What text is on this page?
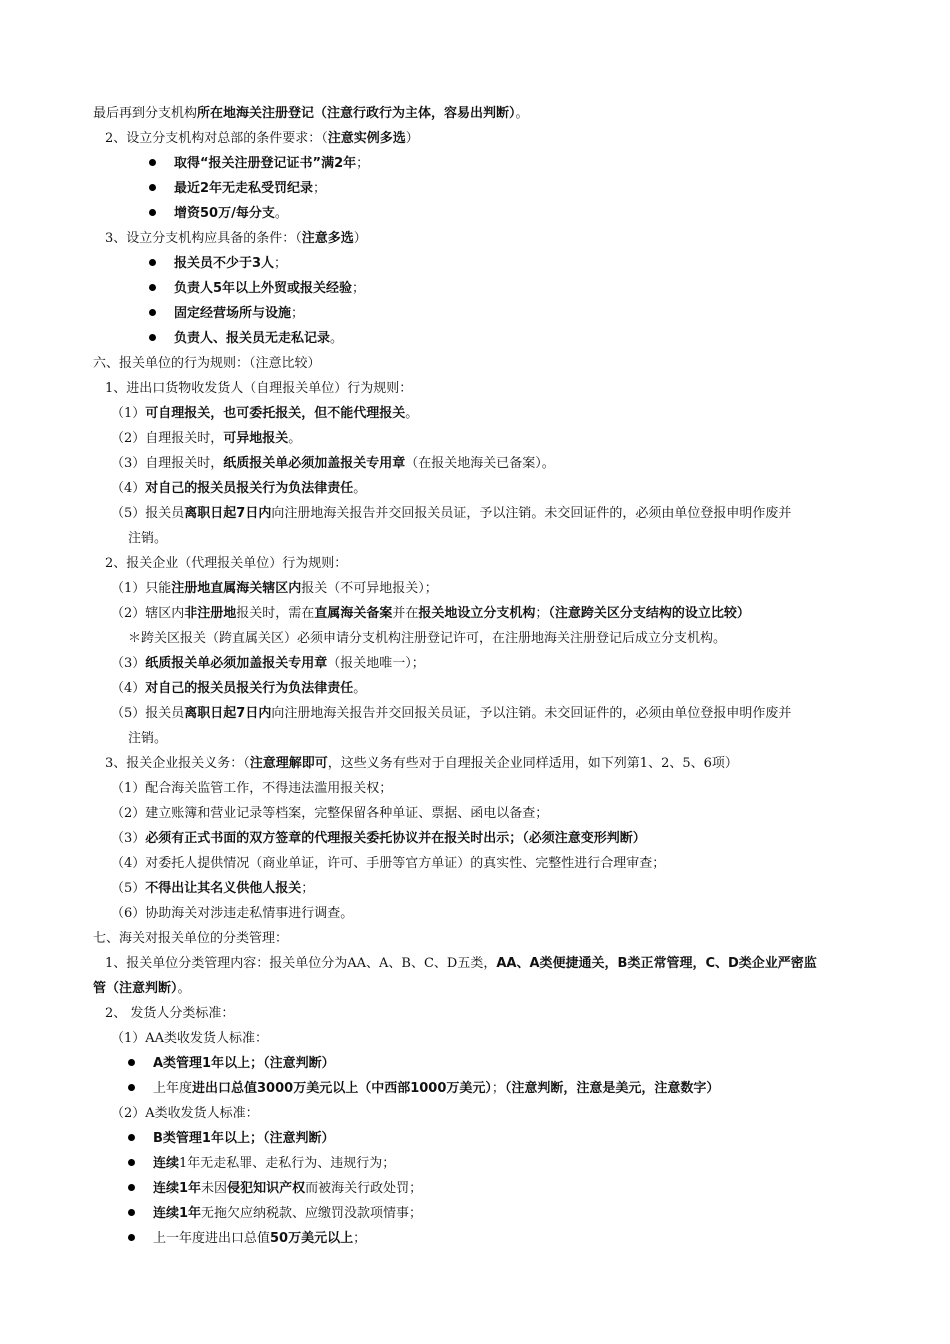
最后再到分支机构所在地海关注册登记（注意行政行为主体，容易出判断）。
2、设立分支机构对总部的条件要求：（注意实例多选）
取得“报关注册登记证书”满2年；
最近2年无走私受罚纪录；
增资50万/每分支。
3、设立分支机构应具备的条件：（注意多选）
报关员不少于3人；
负责人5年以上外贸或报关经验；
固定经营场所与设施；
负责人、报关员无走私记录。
六、报关单位的行为规则：（注意比较）
1、进出口货物收发货人（自理报关单位）行为规则：
（1）可自理报关，也可委托报关，但不能代理报关。
（2）自理报关时，可异地报关。
（3）自理报关时，纸质报关单必须加盖报关专用章（在报关地海关已备案）。
（4）对自己的报关员报关行为负法律责任。
（5）报关员离职日起7日内向注册地海关报告并交回报关员证，予以注销。未交回证件的，必须由单位登报申明作废并
注销。
2、报关企业（代理报关单位）行为规则：
（1）只能注册地直属海关辖区内报关（不可异地报关）；
（2）辖区内非注册地报关时，需在直属海关备案并在报关地设立分支机构；（注意跨关区分支结构的设立比较）
＊跨关区报关（跨直属关区）必须申请分支机构注册登记许可，在注册地海关注册登记后成立分支机构。
（3）纸质报关单必须加盖报关专用章（报关地唯一）；
（4）对自己的报关员报关行为负法律责任。
（5）报关员离职日起7日内向注册地海关报告并交回报关员证，予以注销。未交回证件的，必须由单位登报申明作废并
注销。
3、报关企业报关义务：（注意理解即可，这些义务有些对于自理报关企业同样适用，如下列第1、2、5、6项）
（1）配合海关监管工作，不得违法滥用报关权；
（2）建立账簿和营业记录等档案，完整保留各种单证、票据、函电以备查；
（3）必须有正式书面的双方签章的代理报关委托协议并在报关时出示；（必须注意变形判断）
（4）对委托人提供情况（商业单证，许可、手册等官方单证）的真实性、完整性进行合理审查；
（5）不得出让其名义供他人报关；
（6）协助海关对涉违走私情事进行调查。
七、海关对报关单位的分类管理：
1、报关单位分类管理内容：报关单位分为AA、A、B、C、D五类，AA、A类便捷通关，B类正常管理，C、D类企业严密监
管（注意判断）。
2、 发货人分类标准：
（1）AA类收发货人标准：
A类管理1年以上；（注意判断）
上年度进出口总值3000万美元以上（中西部1000万美元）；（注意判断，注意是美元，注意数字）
（2）A类收发货人标准：
B类管理1年以上；（注意判断）
连续1年无走私罪、走私行为、违规行为；
连续1年未因侵犯知识产权而被海关行政处罚；
连续1年无拖欠应纳税款、应缴罚没款项情事；
上一年度进出口总值50万美元以上；
